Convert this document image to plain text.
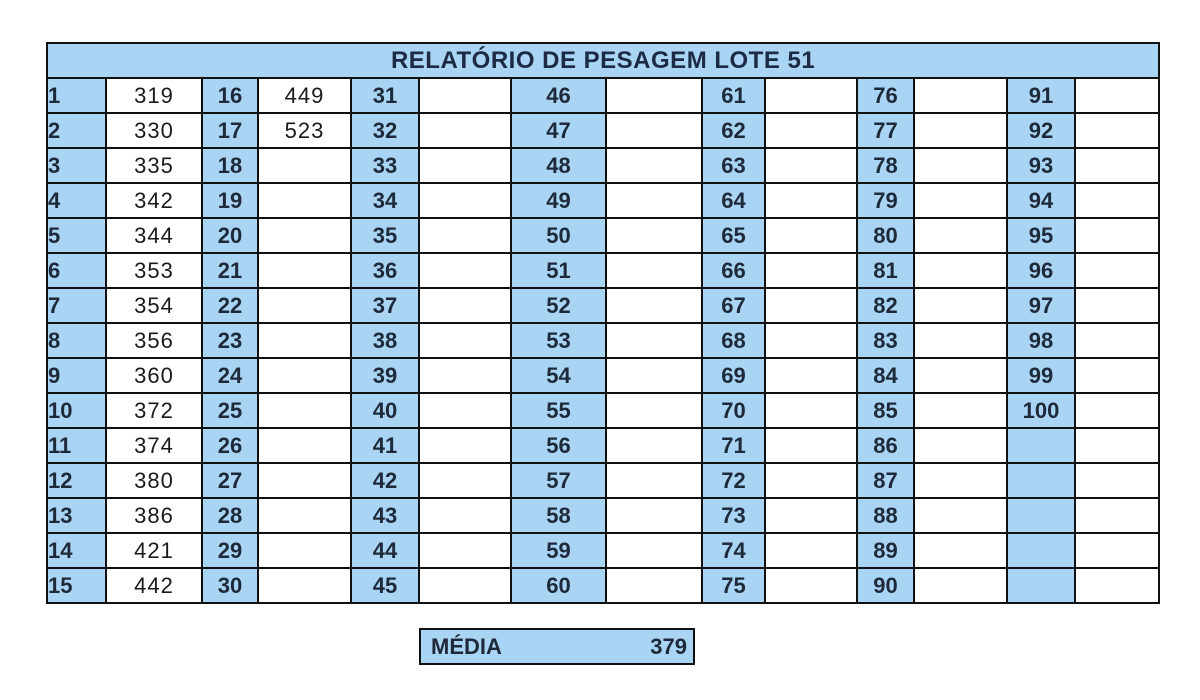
RELATÓRIO DE PESAGEM LOTE 51													
1	319	16	449	31		46		61		76		91	
2	330	17	523	32		47		62		77		92	
3	335	18		33		48		63		78		93	
4	342	19		34		49		64		79		94	
5	344	20		35		50		65		80		95	
6	353	21		36		51		66		81		96	
7	354	22		37		52		67		82		97	
8	356	23		38		53		68		83		98	
9	360	24		39		54		69		84		99	
10	372	25		40		55		70		85		100	
11	374	26		41		56		71		86			
12	380	27		42		57		72		87			
13	386	28		43		58		73		88			
14	421	29		44		59		74		89			
15	442	30		45		60		75		90			
MÉDIA	379
